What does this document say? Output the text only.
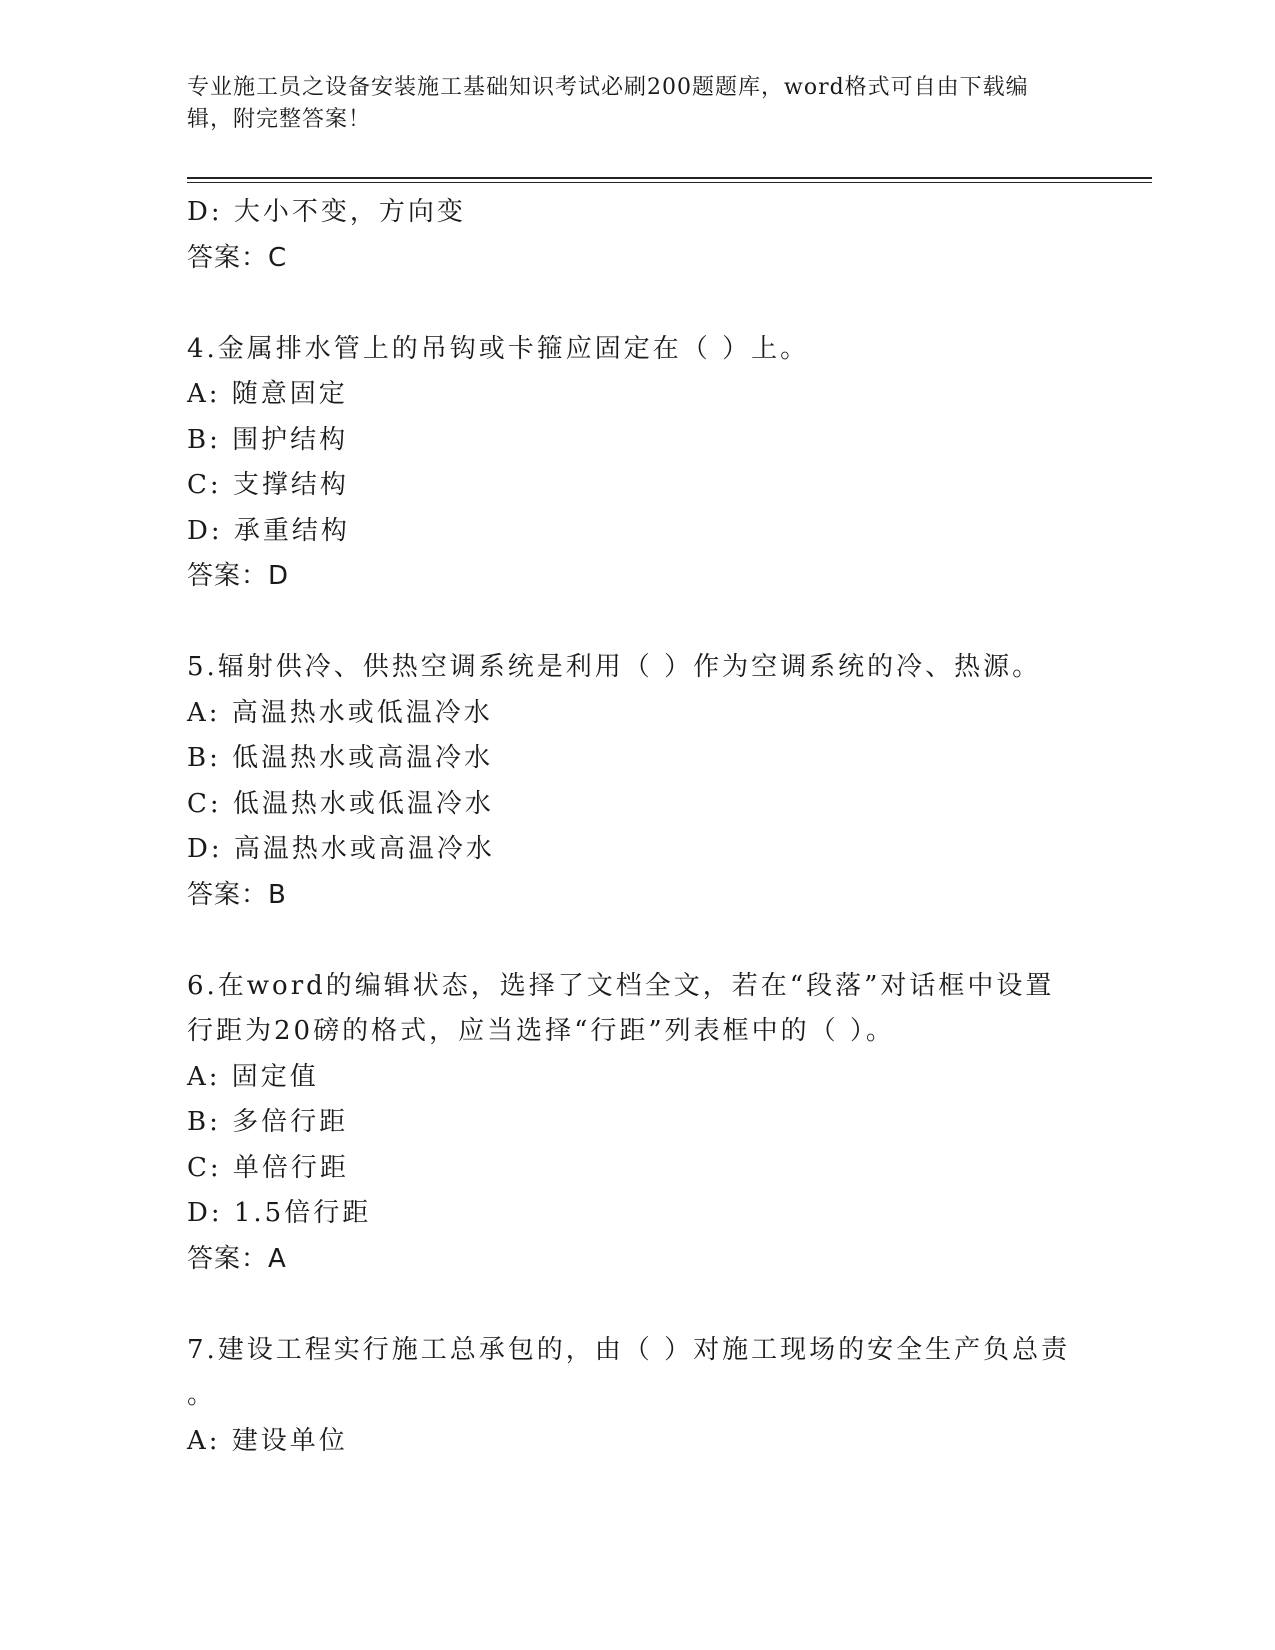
专业施工员之设备安装施工基础知识考试必刷200题题库，word格式可自由下载编辑，附完整答案！
D: 大小不变，方向变
答案：C
4.金属排水管上的吊钩或卡箍应固定在（ ）上。
A: 随意固定
B: 围护结构
C: 支撑结构
D: 承重结构
答案：D
5.辐射供冷、供热空调系统是利用（ ）作为空调系统的冷、热源。
A: 高温热水或低温冷水
B: 低温热水或高温冷水
C: 低温热水或低温冷水
D: 高温热水或高温冷水
答案：B
6.在word的编辑状态，选择了文档全文，若在“段落”对话框中设置
行距为20磅的格式，应当选择“行距”列表框中的（ ）。
A: 固定值
B: 多倍行距
C: 单倍行距
D: 1.5倍行距
答案：A
7.建设工程实行施工总承包的，由（ ）对施工现场的安全生产负总责
。
A: 建设单位
